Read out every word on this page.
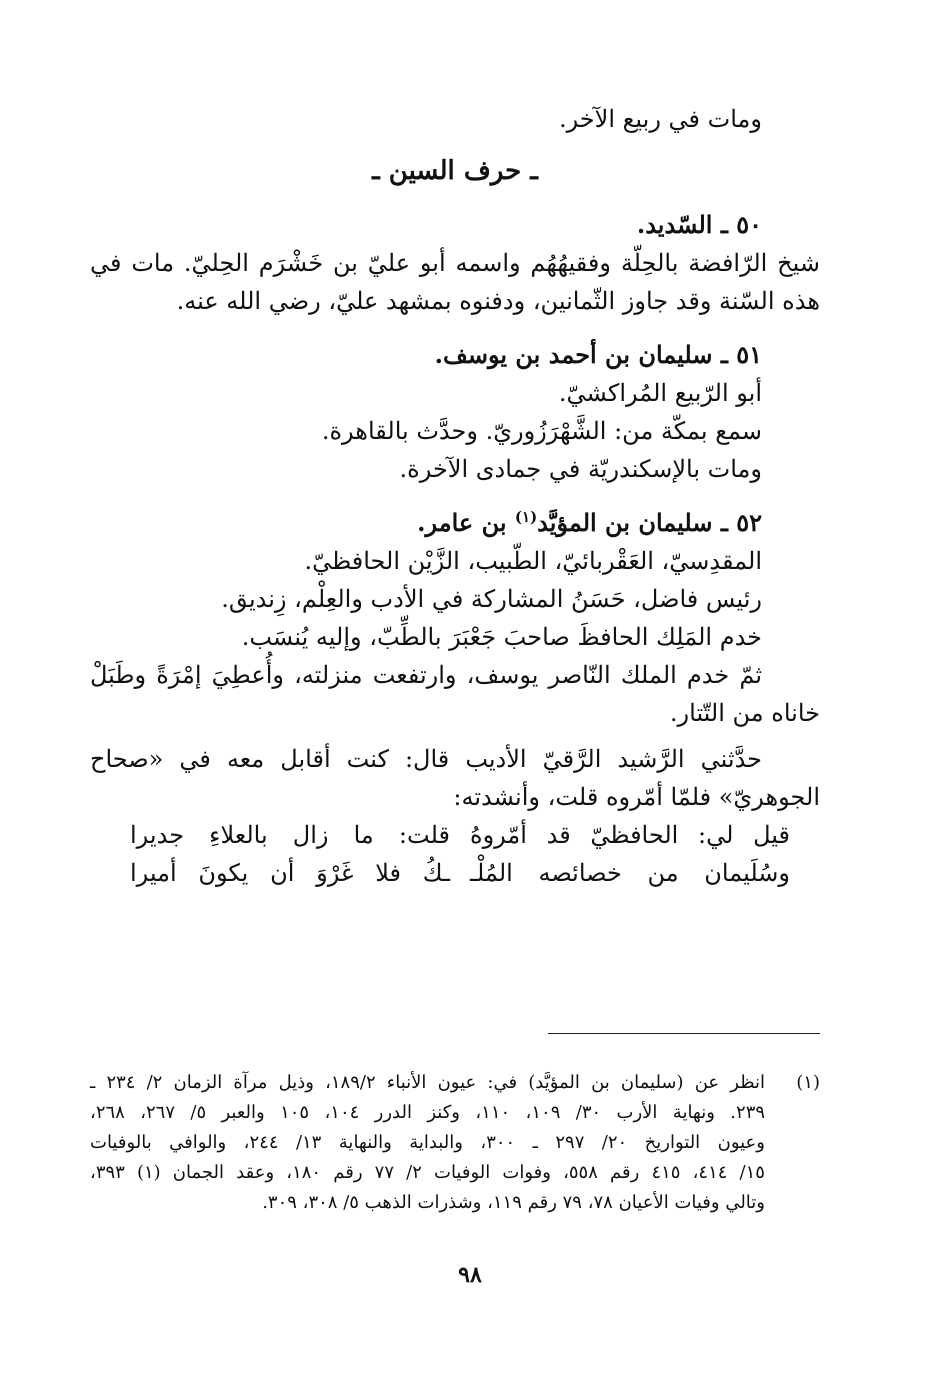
ومات في ربيع الآخر.
ـ حرف السين ـ
٥٠ ـ السّديد.
شيخ الرّافضة بالحِلّة وفقيهُهُم واسمه أبو عليّ بن خَشْرَم الحِليّ. مات في
هذه السّنة وقد جاوز الثّمانين، ودفنوه بمشهد عليّ، رضي الله عنه.
٥١ ـ سليمان بن أحمد بن يوسف.
أبو الرّبيع المُراكشيّ.
سمع بمكّة من: الشَّهْرَزُوريّ. وحدَّث بالقاهرة.
ومات بالإسكندريّة في جمادى الآخرة.
٥٢ ـ سليمان بن المؤيَّد$^{(١)}$ بن عامر.
المقدِسيّ، العَقْربائيّ، الطّبيب، الزَّيْن الحافظيّ.
رئيس فاضل، حَسَنُ المشاركة في الأدب والعِلْم، زِنديق.
خدم المَلِك الحافظَ صاحبَ جَعْبَرَ بالطِّبّ، وإليه يُنسَب.
ثمّ خدم الملك النّاصر يوسف، وارتفعت منزلته، وأُعطِيَ إمْرَةً وطَبَلْ
خاناه من التّتار.
حدَّثني الرَّشيد الرَّقيّ الأديب قال: كنت أقابل معه في «صحاح
الجوهريّ» فلمّا أمّروه قلت، وأنشدته:
قيل لي: الحافظيّ قد أمّروهُ
قلت: ما زال بالعلاءِ جديرا
وسُلَيمان من خصائصه المُلْـ
ـكُ فلا غَرْوَ أن يكونَ أميرا
(١)
انظر عن (سليمان بن المؤيَّد) في: عيون الأنباء ١٨٩/٢، وذيل مرآة الزمان ٢/ ٢٣٤ ـ
٢٣٩. ونهاية الأرب ٣٠/ ١٠٩، ١١٠، وكنز الدرر ١٠٤، ١٠٥ والعبر ٥/ ٢٦٧، ٢٦٨،
وعيون التواريخ ٢٠/ ٢٩٧ ـ ٣٠٠، والبداية والنهاية ١٣/ ٢٤٤، والوافي بالوفيات
١٥/ ٤١٤، ٤١٥ رقم ٥٥٨، وفوات الوفيات ٢/ ٧٧ رقم ١٨٠، وعقد الجمان (١) ٣٩٣،
وتالي وفيات الأعيان ٧٨، ٧٩ رقم ١١٩، وشذرات الذهب ٥/ ٣٠٨، ٣٠٩.
٩٨
